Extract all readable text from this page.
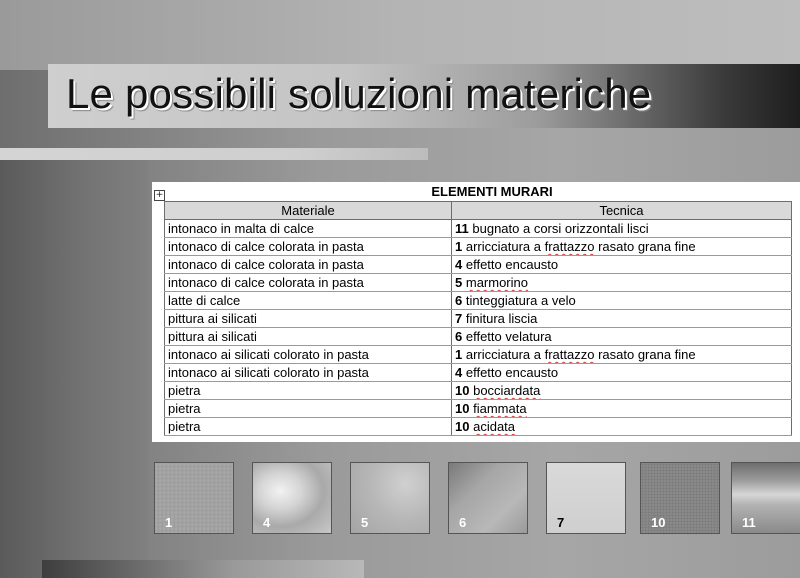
Le possibili soluzioni materiche
+	ELEMENTI MURARI
Materiale	Tecnica
intonaco in malta di calce	11 bugnato a corsi orizzontali lisci
intonaco di calce colorata in pasta	1 arricciatura a frattazzo rasato grana fine
intonaco di calce colorata in pasta	4 effetto encausto
intonaco di calce colorata in pasta	5 marmorino
latte di calce	6 tinteggiatura a velo
pittura ai silicati	7 finitura liscia
pittura ai silicati	6 effetto velatura
intonaco ai silicati colorato in pasta	1 arricciatura a frattazzo rasato grana fine
intonaco ai silicati colorato in pasta	4 effetto encausto
pietra	10 bocciardata
pietra	10 fiammata
pietra	10 acidata
1	4	5	6	7	10	11
